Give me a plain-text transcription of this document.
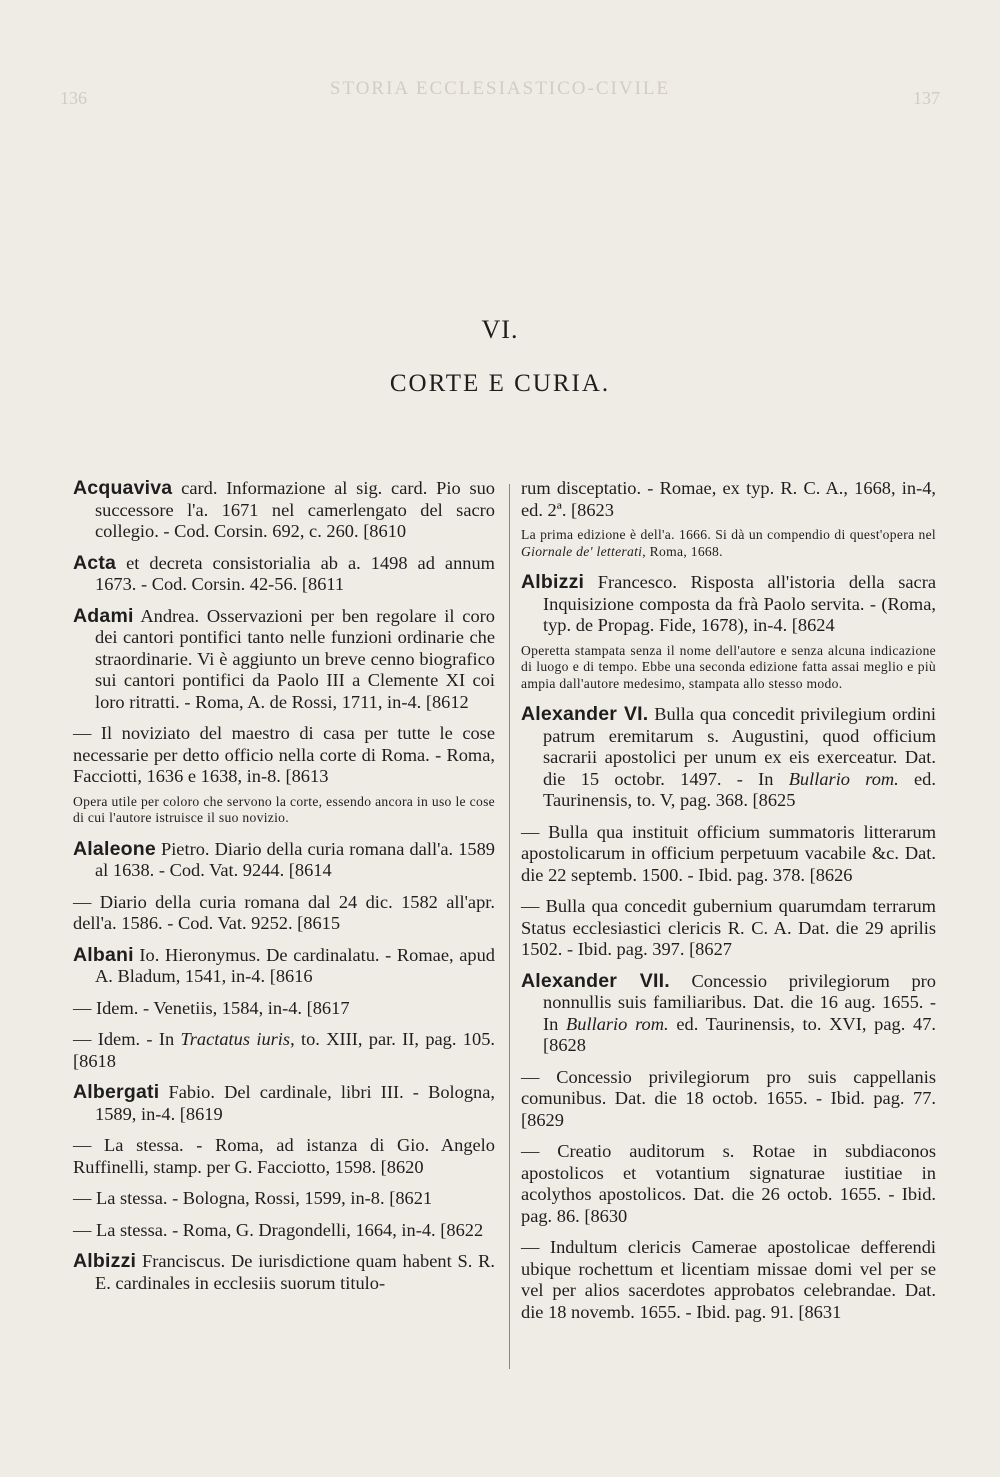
136	STORIA ECCLESIASTICO-CIVILE	137
VI.
CORTE E CURIA.
Acquaviva card. Informazione al sig. card. Pio suo successore l'a. 1671 nel camerlengato del sacro collegio. - Cod. Corsin. 692, c. 260. [8610
Acta et decreta consistorialia ab a. 1498 ad annum 1673. - Cod. Corsin. 42-56. [8611
Adami Andrea. Osservazioni per ben regolare il coro dei cantori pontifici tanto nelle funzioni ordinarie che straordinarie. Vi è aggiunto un breve cenno biografico sui cantori pontifici da Paolo III a Clemente XI coi loro ritratti. - Roma, A. de Rossi, 1711, in-4. [8612
— Il noviziato del maestro di casa per tutte le cose necessarie per detto officio nella corte di Roma. - Roma, Facciotti, 1636 e 1638, in-8. [8613
Opera utile per coloro che servono la corte, essendo ancora in uso le cose di cui l'autore istruisce il suo novizio.
Alaleone Pietro. Diario della curia romana dall'a. 1589 al 1638. - Cod. Vat. 9244. [8614
— Diario della curia romana dal 24 dic. 1582 all'apr. dell'a. 1586. - Cod. Vat. 9252. [8615
Albani Io. Hieronymus. De cardinalatu. - Romae, apud A. Bladum, 1541, in-4. [8616
— Idem. - Venetiis, 1584, in-4. [8617
— Idem. - In Tractatus iuris, to. XIII, par. II, pag. 105. [8618
Albergati Fabio. Del cardinale, libri III. - Bologna, 1589, in-4. [8619
— La stessa. - Roma, ad istanza di Gio. Angelo Ruffinelli, stamp. per G. Facciotto, 1598. [8620
— La stessa. - Bologna, Rossi, 1599, in-8. [8621
— La stessa. - Roma, G. Dragondelli, 1664, in-4. [8622
Albizzi Franciscus. De iurisdictione quam habent S. R. E. cardinales in ecclesiis suorum titulo-
rum disceptatio. - Romae, ex typ. R. C. A., 1668, in-4, ed. 2ª. [8623
La prima edizione è dell'a. 1666. Si dà un compendio di quest'opera nel Giornale de' letterati, Roma, 1668.
Albizzi Francesco. Risposta all'istoria della sacra Inquisizione composta da frà Paolo servita. - (Roma, typ. de Propag. Fide, 1678), in-4. [8624
Operetta stampata senza il nome dell'autore e senza alcuna indicazione di luogo e di tempo. Ebbe una seconda edizione fatta assai meglio e più ampia dall'autore medesimo, stampata allo stesso modo.
Alexander VI. Bulla qua concedit privilegium ordini patrum eremitarum s. Augustini, quod officium sacrarii apostolici per unum ex eis exerceatur. Dat. die 15 octobr. 1497. - In Bullario rom. ed. Taurinensis, to. V, pag. 368. [8625
— Bulla qua instituit officium summatoris litterarum apostolicarum in officium perpetuum vacabile &c. Dat. die 22 septemb. 1500. - Ibid. pag. 378. [8626
— Bulla qua concedit gubernium quarumdam terrarum Status ecclesiastici clericis R. C. A. Dat. die 29 aprilis 1502. - Ibid. pag. 397. [8627
Alexander VII. Concessio privilegiorum pro nonnullis suis familiaribus. Dat. die 16 aug. 1655. - In Bullario rom. ed. Taurinensis, to. XVI, pag. 47. [8628
— Concessio privilegiorum pro suis cappellanis comunibus. Dat. die 18 octob. 1655. - Ibid. pag. 77. [8629
— Creatio auditorum s. Rotae in subdiaconos apostolicos et votantium signaturae iustitiae in acolythos apostolicos. Dat. die 26 octob. 1655. - Ibid. pag. 86. [8630
— Indultum clericis Camerae apostolicae defferendi ubique rochettum et licentiam missae domi vel per se vel per alios sacerdotes approbatos celebrandae. Dat. die 18 novemb. 1655. - Ibid. pag. 91. [8631
